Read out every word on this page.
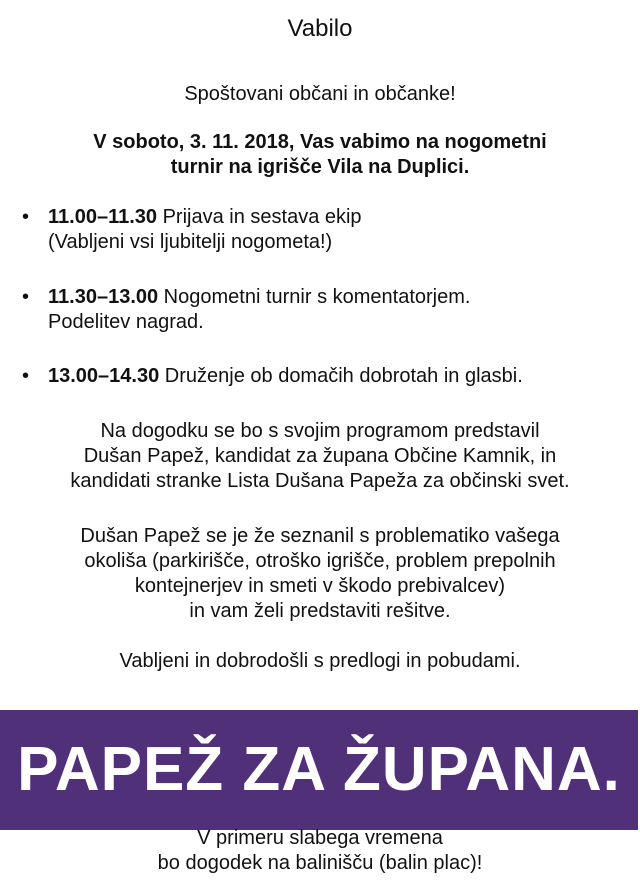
Vabilo
Spoštovani občani in občanke!
V soboto, 3. 11. 2018, Vas vabimo na nogometni
turnir na igrišče Vila na Duplici.
• 11.00–11.30 Prijava in sestava ekip
(Vabljeni vsi ljubitelji nogometa!)
• 11.30–13.00 Nogometni turnir s komentatorjem.
Podelitev nagrad.
• 13.00–14.30 Druženje ob domačih dobrotah in glasbi.
Na dogodku se bo s svojim programom predstavil
Dušan Papež, kandidat za župana Občine Kamnik, in
kandidati stranke Lista Dušana Papeža za občinski svet.
Dušan Papež se je že seznanil s problematiko vašega
okoliša (parkirišče, otroško igrišče, problem prepolnih
kontejnerjev in smeti v škodo prebivalcev)
in vam želi predstaviti rešitve.
Vabljeni in dobrodošli s predlogi in pobudami.
PAPEŽ ZA ŽUPANA.
V primeru slabega vremena
bo dogodek na balinišču (balin plac)!
